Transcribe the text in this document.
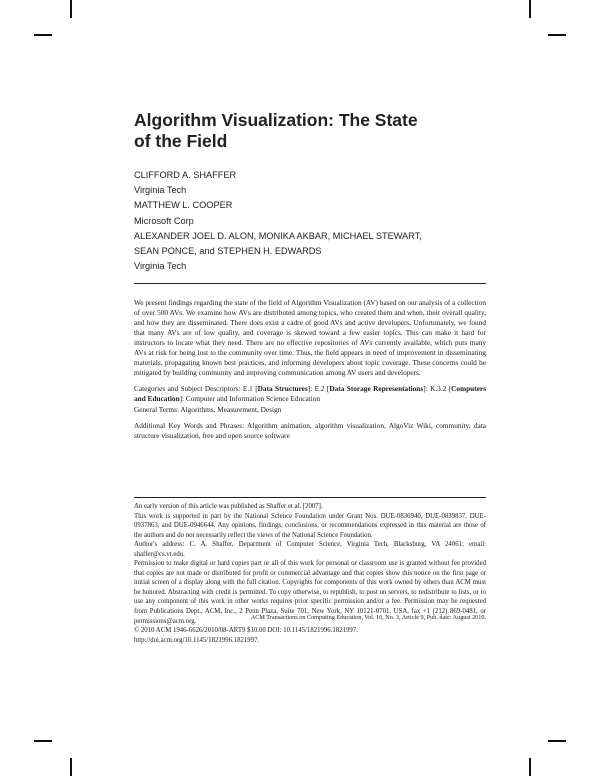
Algorithm Visualization: The State
of the Field
CLIFFORD A. SHAFFER
Virginia Tech
MATTHEW L. COOPER
Microsoft Corp
ALEXANDER JOEL D. ALON, MONIKA AKBAR, MICHAEL STEWART,
SEAN PONCE, and STEPHEN H. EDWARDS
Virginia Tech
We present findings regarding the state of the field of Algorithm Visualization (AV) based on our analysis of a collection of over 500 AVs. We examine how AVs are distributed among topics, who created them and when, their overall quality, and how they are disseminated. There does exist a cadre of good AVs and active developers. Unfortunately, we found that many AVs are of low quality, and coverage is skewed toward a few easier topics. This can make it hard for instructors to locate what they need. There are no effective repositories of AVs currently available, which puts many AVs at risk for being lost to the community over time. Thus, the field appears in need of improvement in disseminating materials, propagating known best practices, and informing developers about topic coverage. These concerns could be mitigated by building community and improving communication among AV users and developers.

Categories and Subject Descriptors: E.1 [Data Structures]: E.2 [Data Storage Representations]: K.3.2 [Computers and Education]: Computer and Information Science Education

General Terms: Algorithms, Measurement, Design

Additional Key Words and Phrases: Algorithm animation, algorithm visualization, AlgoViz Wiki, community, data structure visualization, free and open source software

An early version of this article was published as Shaffer et al. [2007].

This work is supported in part by the National Science Foundation under Grant Nos. DUE-0836940, DUE-0839837, DUE-0937863, and DUE-0946644. Any opinions, findings, conclusions, or recommendations expressed in this material are those of the authors and do not necessarily reflect the views of the National Science Foundation.

Author's address: C. A. Shaffer, Department of Computer Science, Virginia Tech, Blacksburg, VA 24061; email: shaffer@cs.vt.edu.

Permission to make digital or hard copies part or all of this work for personal or classroom use is granted without fee provided that copies are not made or distributed for profit or commercial advantage and that copies show this notice on the first page or initial screen of a display along with the full citation. Copyrights for components of this work owned by others than ACM must be honored. Abstracting with credit is permitted. To copy otherwise, to republish, to post on servers, to redistribute to lists, or to use any component of this work in other works requires prior specific permission and/or a fee. Permission may be requested from Publications Dept., ACM, Inc., 2 Penn Plaza, Suite 701, New York, NY 10121-0701, USA, fax +1 (212) 869-0481, or permissions@acm.org.

© 2010 ACM 1946-6626/2010/08-ART9 $10.00 DOI: 10.1145/1821996.1821997.

http://doi.acm.org/10.1145/1821996.1821997.

ACM Transactions on Computing Education, Vol. 10, No. 3, Article 9, Pub. date: August 2010.
